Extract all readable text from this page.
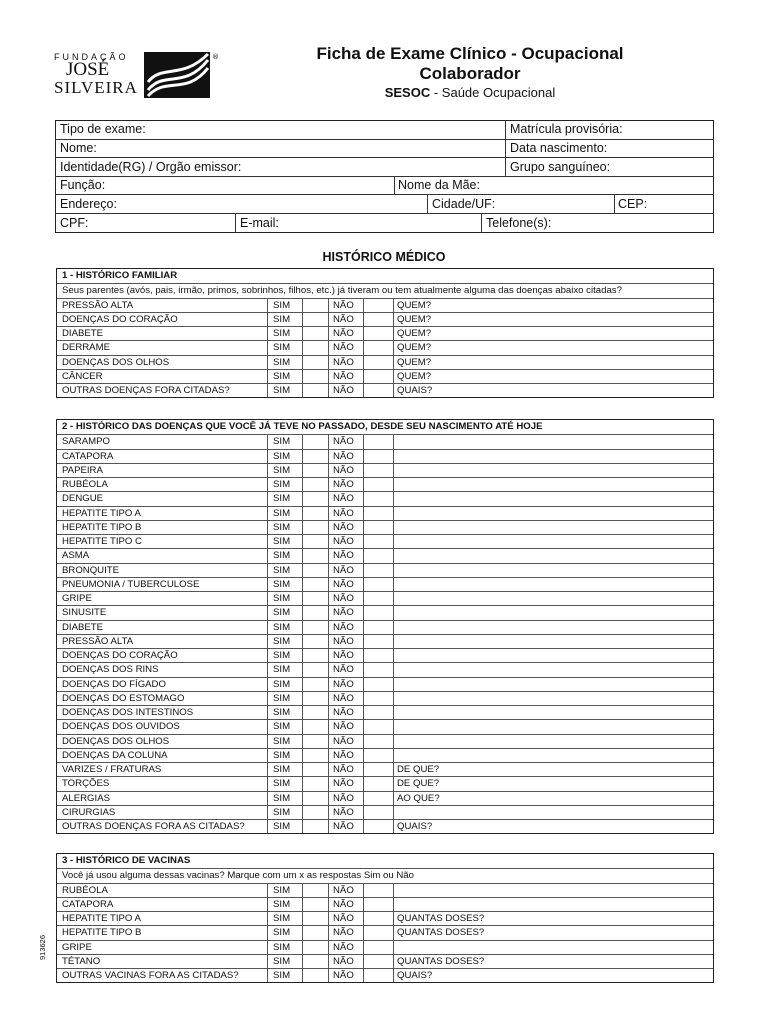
FUNDAÇÃO
JOSÉ
SILVEIRA
®	Ficha de Exame Clínico - Ocupacional
Colaborador
SESOC - Saúde Ocupacional
Tipo de exame:	Matrícula provisória:
Nome:	Data nascimento:
Identidade(RG) / Orgão emissor:	Grupo sanguíneo:
Função:	Nome da Mãe:
Endereço:	Cidade/UF:	CEP:
CPF:	E-mail:	Telefone(s):
HISTÓRICO MÉDICO
1 - HISTÓRICO FAMILIAR
Seus parentes (avós, pais, irmão, primos, sobrinhos, filhos, etc.) já tiveram ou tem atualmente alguma das doenças abaixo citadas?
PRESSÃO ALTA	SIM	NÃO	QUEM?
DOENÇAS DO CORAÇÃO	SIM	NÃO	QUEM?
DIABETE	SIM	NÃO	QUEM?
DERRAME	SIM	NÃO	QUEM?
DOENÇAS DOS OLHOS	SIM	NÃO	QUEM?
CÂNCER	SIM	NÃO	QUEM?
OUTRAS DOENÇAS FORA CITADAS?	SIM	NÃO	QUAIS?
2 - HISTÓRICO DAS DOENÇAS QUE VOCÊ JÁ TEVE NO PASSADO, DESDE SEU NASCIMENTO ATÉ HOJE
SARAMPO	SIM	NÃO
CATAPORA	SIM	NÃO
PAPEIRA	SIM	NÃO
RUBÉOLA	SIM	NÃO
DENGUE	SIM	NÃO
HEPATITE TIPO A	SIM	NÃO
HEPATITE TIPO B	SIM	NÃO
HEPATITE TIPO C	SIM	NÃO
ASMA	SIM	NÃO
BRONQUITE	SIM	NÃO
PNEUMONIA / TUBERCULOSE	SIM	NÃO
GRIPE	SIM	NÃO
SINUSITE	SIM	NÃO
DIABETE	SIM	NÃO
PRESSÃO ALTA	SIM	NÃO
DOENÇAS DO CORAÇÃO	SIM	NÃO
DOENÇAS DOS RINS	SIM	NÃO
DOENÇAS DO FÍGADO	SIM	NÃO
DOENÇAS DO ESTOMAGO	SIM	NÃO
DOENÇAS DOS INTESTINOS	SIM	NÃO
DOENÇAS DOS OUVIDOS	SIM	NÃO
DOENÇAS DOS OLHOS	SIM	NÃO
DOENÇAS DA COLUNA	SIM	NÃO
VARIZES / FRATURAS	SIM	NÃO	DE QUE?
TORÇÕES	SIM	NÃO	DE QUE?
ALERGIAS	SIM	NÃO	AO QUE?
CIRURGIAS	SIM	NÃO
OUTRAS DOENÇAS FORA AS CITADAS?	SIM	NÃO	QUAIS?
3 - HISTÓRICO DE VACINAS
Você já usou alguma dessas vacinas? Marque com um x as respostas Sim ou Não
RUBÉOLA	SIM	NÃO
CATAPORA	SIM	NÃO
HEPATITE TIPO A	SIM	NÃO	QUANTAS DOSES?
HEPATITE TIPO B	SIM	NÃO	QUANTAS DOSES?
GRIPE	SIM	NÃO
TÉTANO	SIM	NÃO	QUANTAS DOSES?
OUTRAS VACINAS FORA AS CITADAS?	SIM	NÃO	QUAIS?
913626
